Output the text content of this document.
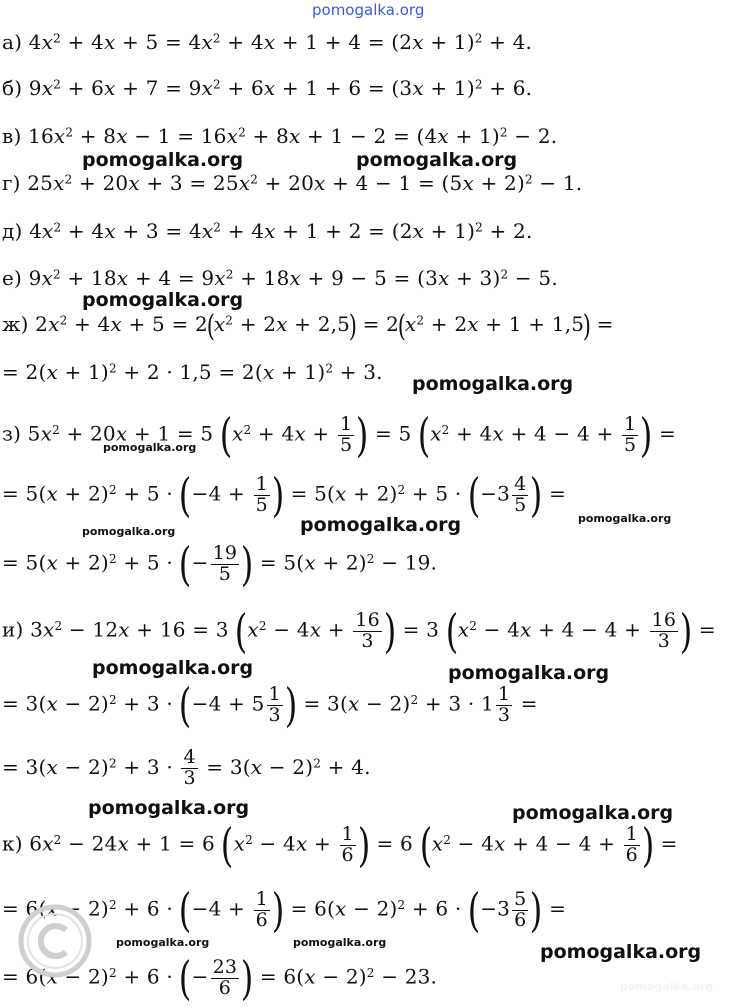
pomogalka.org
а) $4x^2 + 4x + 5 = 4x^2 + 4x + 1 + 4 = (2x + 1)^2 + 4$.
б) $9x^2 + 6x + 7 = 9x^2 + 6x + 1 + 6 = (3x + 1)^2 + 6$.
в) $16x^2 + 8x - 1 = 16x^2 + 8x + 1 - 2 = (4x + 1)^2 - 2$.
pomogalka.org	pomogalka.org
г) $25x^2 + 20x + 3 = 25x^2 + 20x + 4 - 1 = (5x + 2)^2 - 1$.
д) $4x^2 + 4x + 3 = 4x^2 + 4x + 1 + 2 = (2x + 1)^2 + 2$.
е) $9x^2 + 18x + 4 = 9x^2 + 18x + 9 - 5 = (3x + 3)^2 - 5$.
pomogalka.org
ж) $2x^2 + 4x + 5 = 2(x^2 + 2x + 2,5) = 2(x^2 + 2x + 1 + 1,5)$ =
= $2(x + 1)^2 + 2 \cdot 1,5 = 2(x + 1)^2 + 3$. pomogalka.org
з) $5x^2 + 20x + 1 = 5$ ($x^2 + 4x + \frac{1}{5}$ ) = 5 ($x^2 + 4x + 4 - 4 + \frac{1}{5}$ ) =
pomogalka.org
= $5(x + 2)^2 + 5 \cdot (-4 + \frac{1}{5}$ ) = $5(x + 2)^2 + 5 \cdot (-3 \frac{4}{5}$ ) =
pomogalka.org
pomogalka.org	pomogalka.org
= $5(x + 2)^2 + 5$ · (− $\frac{19}{5}$ ) = $5(x + 2)^2 - 19$.
и) $3x^2 - 12x + 16 = 3$ ($x^2 - 4x + \frac{16}{3}$ ) = 3 ($x^2 - 4x + 4 - 4 + \frac{16}{3}$ ) =
pomogalka.org	pomogalka.org
= $3(x - 2)^2 + 3 \cdot (-4 + 5 \frac{1}{3}$ ) = $3(x - 2)^2 + 3 \cdot 1 \frac{1}{3}$ =
= $3(x - 2)^2 + 3 \cdot \frac{4}{3} = 3(x - 2)^2 + 4$.
pomogalka.org	pomogalka.org
к) $6x^2 - 24x + 1 = 6$ ($x^2 - 4x + \frac{1}{6}$ ) = 6 ($x^2 - 4x + 4 - 4 + \frac{1}{6}$ ) =
= $6(x - 2)^2 + 6 \cdot (-4 + \frac{1}{6}$ ) = $6(x - 2)^2 + 6 \cdot (-3 \frac{5}{6}$ ) =
pomogalka.org	pomogalka.org	pomogalka.org
= $6(x - 2)^2 + 6$ · (− $\frac{23}{6}$ ) = $6(x - 2)^2 - 23$.	pomogalka.org
